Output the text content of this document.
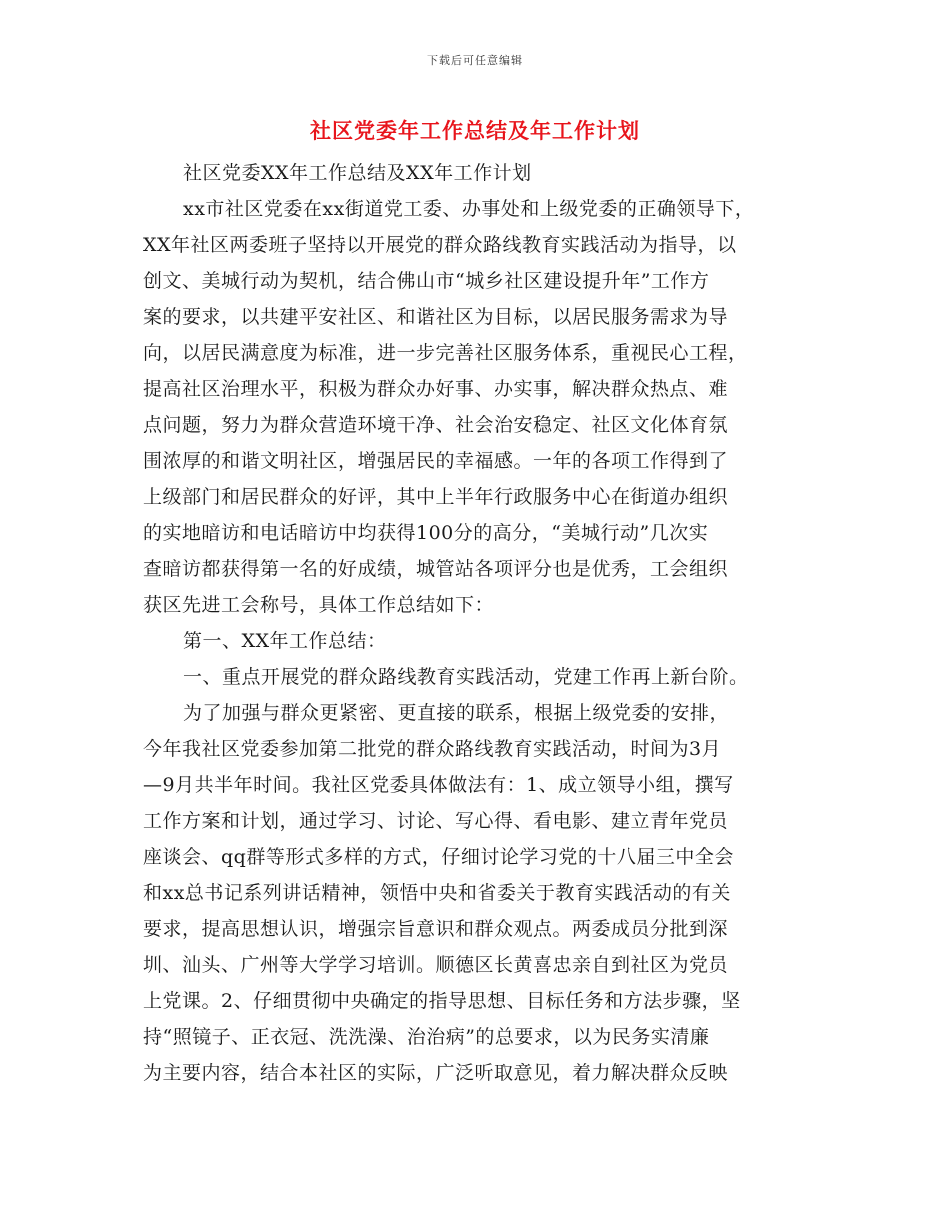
下载后可任意编辑
社区党委年工作总结及年工作计划
社区党委XX年工作总结及XX年工作计划
xx市社区党委在xx街道党工委、办事处和上级党委的正确领导下，
XX年社区两委班子坚持以开展党的群众路线教育实践活动为指导，以
创文、美城行动为契机，结合佛山市“城乡社区建设提升年”工作方
案的要求，以共建平安社区、和谐社区为目标，以居民服务需求为导
向，以居民满意度为标准，进一步完善社区服务体系，重视民心工程，
提高社区治理水平，积极为群众办好事、办实事，解决群众热点、难
点问题，努力为群众营造环境干净、社会治安稳定、社区文化体育氛
围浓厚的和谐文明社区，增强居民的幸福感。一年的各项工作得到了
上级部门和居民群众的好评，其中上半年行政服务中心在街道办组织
的实地暗访和电话暗访中均获得100分的高分，“美城行动”几次实
查暗访都获得第一名的好成绩，城管站各项评分也是优秀，工会组织
获区先进工会称号，具体工作总结如下：
第一、XX年工作总结：
一、重点开展党的群众路线教育实践活动，党建工作再上新台阶。
为了加强与群众更紧密、更直接的联系，根据上级党委的安排，
今年我社区党委参加第二批党的群众路线教育实践活动，时间为3月
—9月共半年时间。我社区党委具体做法有：1、成立领导小组，撰写
工作方案和计划，通过学习、讨论、写心得、看电影、建立青年党员
座谈会、qq群等形式多样的方式，仔细讨论学习党的十八届三中全会
和xx总书记系列讲话精神，领悟中央和省委关于教育实践活动的有关
要求，提高思想认识，增强宗旨意识和群众观点。两委成员分批到深
圳、汕头、广州等大学学习培训。顺德区长黄喜忠亲自到社区为党员
上党课。2、仔细贯彻中央确定的指导思想、目标任务和方法步骤，坚
持“照镜子、正衣冠、洗洗澡、治治病”的总要求，以为民务实清廉
为主要内容，结合本社区的实际，广泛听取意见，着力解决群众反映
